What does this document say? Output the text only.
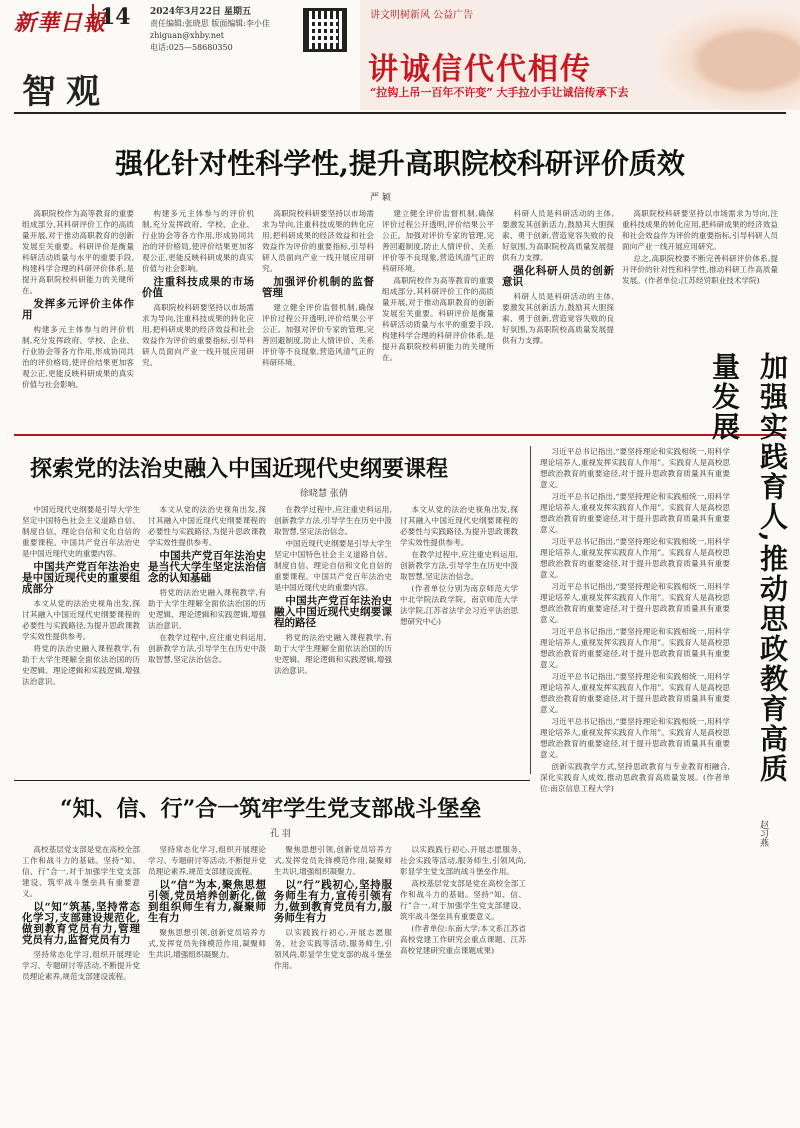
新華日報
14
智观
2024年3月22日 星期五
责任编辑:张晓思 版面编辑:李小佳
zhiguan@xhby.net
电话:025—58680350
讲文明树新风 公益广告
讲诚信代代相传
“拉钩上吊一百年不许变” 大手拉小手让诚信传承下去
强化针对性科学性,提升高职院校科研评价质效
严 颖

高职院校作为高等教育的重要组成部分,其科研评价工作的高质量开展,对于推动高职教育的创新发展至关重要。科研评价是衡量科研活动质量与水平的重要手段,构建科学合理的科研评价体系,是提升高职院校科研能力的关键所在。

发挥多元评价主体作用

构建多元主体参与的评价机制,充分发挥政府、学校、企业、行业协会等各方作用,形成协同共治的评价格局,使评价结果更加客观公正,更能反映科研成果的真实价值与社会影响。

构建多元主体参与的评价机制,充分发挥政府、学校、企业、行业协会等各方作用,形成协同共治的评价格局,使评价结果更加客观公正,更能反映科研成果的真实价值与社会影响。

注重科技成果的市场价值

高职院校科研要坚持以市场需求为导向,注重科技成果的转化应用,把科研成果的经济效益和社会效益作为评价的重要指标,引导科研人员面向产业一线开展应用研究。

高职院校科研要坚持以市场需求为导向,注重科技成果的转化应用,把科研成果的经济效益和社会效益作为评价的重要指标,引导科研人员面向产业一线开展应用研究。

加强评价机制的监督管理

建立健全评价监督机制,确保评价过程公开透明,评价结果公平公正。加强对评价专家的管理,完善回避制度,防止人情评价、关系评价等不良现象,营造风清气正的科研环境。

建立健全评价监督机制,确保评价过程公开透明,评价结果公平公正。加强对评价专家的管理,完善回避制度,防止人情评价、关系评价等不良现象,营造风清气正的科研环境。

高职院校作为高等教育的重要组成部分,其科研评价工作的高质量开展,对于推动高职教育的创新发展至关重要。科研评价是衡量科研活动质量与水平的重要手段,构建科学合理的科研评价体系,是提升高职院校科研能力的关键所在。

科研人员是科研活动的主体,要激发其创新活力,鼓励其大胆探索、勇于创新,营造宽容失败的良好氛围,为高职院校高质量发展提供有力支撑。

强化科研人员的创新意识

科研人员是科研活动的主体,要激发其创新活力,鼓励其大胆探索、勇于创新,营造宽容失败的良好氛围,为高职院校高质量发展提供有力支撑。

高职院校科研要坚持以市场需求为导向,注重科技成果的转化应用,把科研成果的经济效益和社会效益作为评价的重要指标,引导科研人员面向产业一线开展应用研究。

总之,高职院校要不断完善科研评价体系,提升评价的针对性和科学性,推动科研工作高质量发展。(作者单位:江苏经贸职业技术学院)

探索党的法治史融入中国近现代史纲要课程
徐晓慧 张倩

中国近现代史纲要是引导大学生坚定中国特色社会主义道路自信、制度自信、理论自信和文化自信的重要课程。中国共产党百年法治史是中国近现代史的重要内容。

中国共产党百年法治史是中国近现代史的重要组成部分

本文从党的法治史视角出发,探讨其融入中国近现代史纲要课程的必要性与实践路径,为提升思政课教学实效性提供参考。

将党的法治史融入课程教学,有助于大学生理解全面依法治国的历史逻辑、理论逻辑和实践逻辑,增强法治意识。

本文从党的法治史视角出发,探讨其融入中国近现代史纲要课程的必要性与实践路径,为提升思政课教学实效性提供参考。

中国共产党百年法治史是当代大学生坚定法治信念的认知基础

将党的法治史融入课程教学,有助于大学生理解全面依法治国的历史逻辑、理论逻辑和实践逻辑,增强法治意识。

在教学过程中,应注重史料运用,创新教学方法,引导学生在历史中汲取智慧,坚定法治信念。

在教学过程中,应注重史料运用,创新教学方法,引导学生在历史中汲取智慧,坚定法治信念。

中国近现代史纲要是引导大学生坚定中国特色社会主义道路自信、制度自信、理论自信和文化自信的重要课程。中国共产党百年法治史是中国近现代史的重要内容。

中国共产党百年法治史融入中国近现代史纲要课程的路径

将党的法治史融入课程教学,有助于大学生理解全面依法治国的历史逻辑、理论逻辑和实践逻辑,增强法治意识。

本文从党的法治史视角出发,探讨其融入中国近现代史纲要课程的必要性与实践路径,为提升思政课教学实效性提供参考。

在教学过程中,应注重史料运用,创新教学方法,引导学生在历史中汲取智慧,坚定法治信念。

(作者单位分别为南京师范大学中北学院法政学院、南京师范大学法学院,江苏省法学会习近平法治思想研究中心)

习近平总书记指出,“要坚持理论和实践相统一,用科学理论培养人,重视发挥实践育人作用”。实践育人是高校思想政治教育的重要途径,对于提升思政教育质量具有重要意义。

习近平总书记指出,“要坚持理论和实践相统一,用科学理论培养人,重视发挥实践育人作用”。实践育人是高校思想政治教育的重要途径,对于提升思政教育质量具有重要意义。

习近平总书记指出,“要坚持理论和实践相统一,用科学理论培养人,重视发挥实践育人作用”。实践育人是高校思想政治教育的重要途径,对于提升思政教育质量具有重要意义。

习近平总书记指出,“要坚持理论和实践相统一,用科学理论培养人,重视发挥实践育人作用”。实践育人是高校思想政治教育的重要途径,对于提升思政教育质量具有重要意义。

习近平总书记指出,“要坚持理论和实践相统一,用科学理论培养人,重视发挥实践育人作用”。实践育人是高校思想政治教育的重要途径,对于提升思政教育质量具有重要意义。

习近平总书记指出,“要坚持理论和实践相统一,用科学理论培养人,重视发挥实践育人作用”。实践育人是高校思想政治教育的重要途径,对于提升思政教育质量具有重要意义。

习近平总书记指出,“要坚持理论和实践相统一,用科学理论培养人,重视发挥实践育人作用”。实践育人是高校思想政治教育的重要途径,对于提升思政教育质量具有重要意义。

创新实践教学方式,坚持思政教育与专业教育相融合,深化实践育人成效,推动思政教育高质量发展。(作者单位:南京信息工程大学)

加强实践育人,推动思政教育高质量发展
赵习燕
“知、信、行”合一筑牢学生党支部战斗堡垒
孔 羽

高校基层党支部是党在高校全部工作和战斗力的基础。坚持“知、信、行”合一,对于加强学生党支部建设、筑牢战斗堡垒具有重要意义。

以“知”筑基,坚持常态化学习,支部建设规范化,做到教育党员有力,管理党员有力,监督党员有力

坚持常态化学习,组织开展理论学习、专题研讨等活动,不断提升党员理论素养,规范支部建设流程。

坚持常态化学习,组织开展理论学习、专题研讨等活动,不断提升党员理论素养,规范支部建设流程。

以“信”为本,聚焦思想引领,党员培养创新化,做到组织师生有力,凝聚师生有力

聚焦思想引领,创新党员培养方式,发挥党员先锋模范作用,凝聚师生共识,增强组织凝聚力。

聚焦思想引领,创新党员培养方式,发挥党员先锋模范作用,凝聚师生共识,增强组织凝聚力。

以“行”践初心,坚持服务师生有力,宣传引领有力,做到教育党员有力,服务师生有力

以实践践行初心,开展志愿服务、社会实践等活动,服务师生,引领风尚,彰显学生党支部的战斗堡垒作用。

以实践践行初心,开展志愿服务、社会实践等活动,服务师生,引领风尚,彰显学生党支部的战斗堡垒作用。

高校基层党支部是党在高校全部工作和战斗力的基础。坚持“知、信、行”合一,对于加强学生党支部建设、筑牢战斗堡垒具有重要意义。

(作者单位:东南大学;本文系江苏省高校党建工作研究会重点课题、江苏高校党建研究重点课题成果)
